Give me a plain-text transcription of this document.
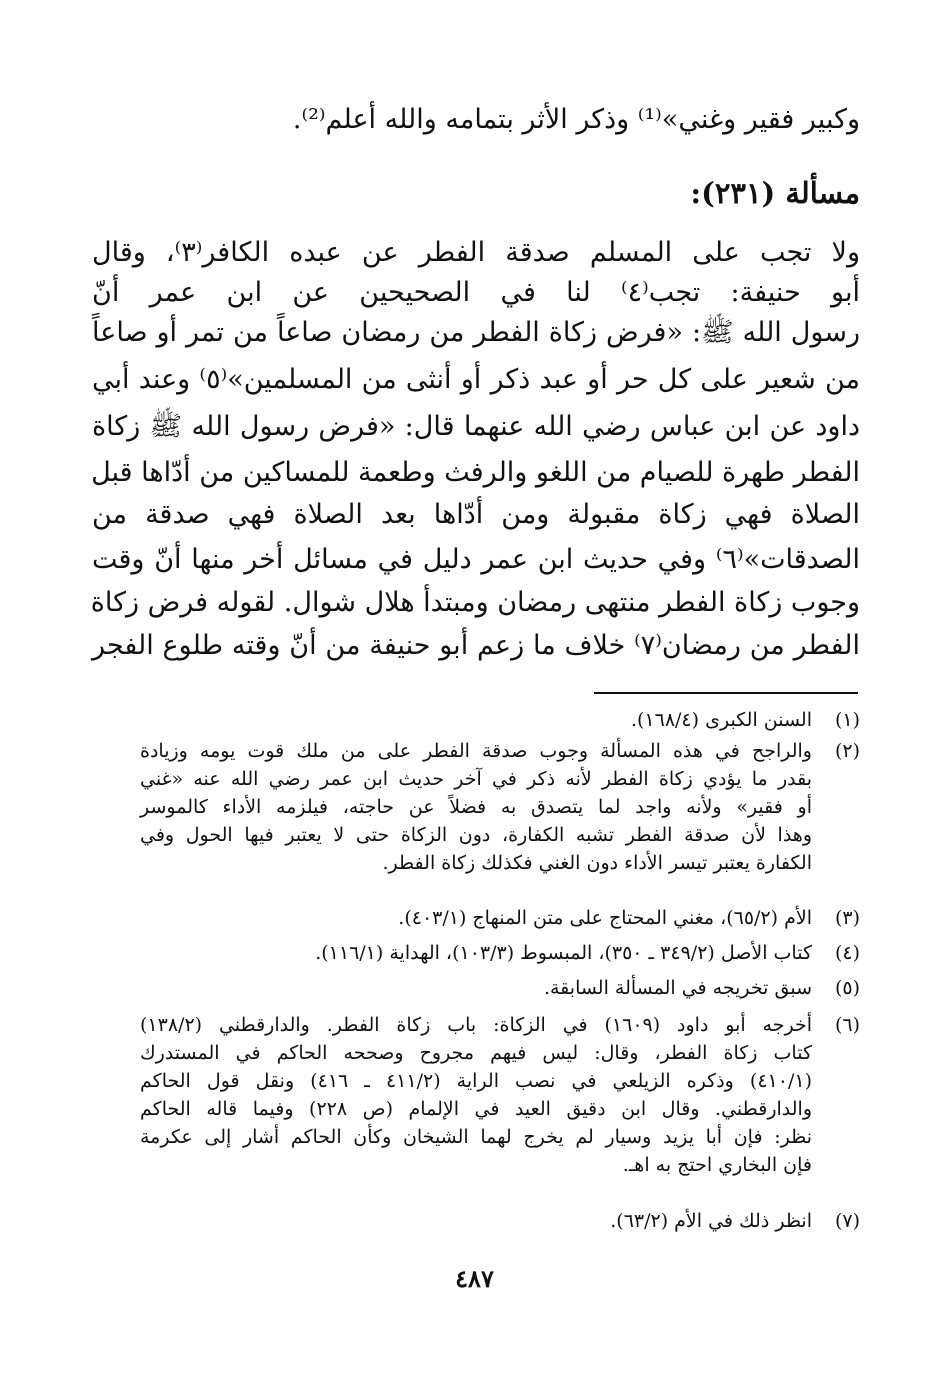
وكبير فقير وغني»⁽¹⁾ وذكر الأثر بتمامه والله أعلم⁽²⁾.
مسألة (٢٣١):
ولا تجب على المسلم صدقة الفطر عن عبده الكافر⁽٣⁾، وقال
أبو حنيفة: تجب⁽٤⁾ لنا في الصحيحين عن ابن عمر أنّ
رسول الله ﷺ: «فرض زكاة الفطر من رمضان صاعاً من تمر أو صاعاً
من شعير على كل حر أو عبد ذكر أو أنثى من المسلمين»⁽٥⁾ وعند أبي
داود عن ابن عباس رضي الله عنهما قال: «فرض رسول الله ﷺ زكاة
الفطر طهرة للصيام من اللغو والرفث وطعمة للمساكين من أدّاها قبل
الصلاة فهي زكاة مقبولة ومن أدّاها بعد الصلاة فهي صدقة من
الصدقات»⁽٦⁾ وفي حديث ابن عمر دليل في مسائل أخر منها أنّ وقت
وجوب زكاة الفطر منتهى رمضان ومبتدأ هلال شوال. لقوله فرض زكاة
الفطر من رمضان⁽٧⁾ خلاف ما زعم أبو حنيفة من أنّ وقته طلوع الفجر
(١)
السنن الكبرى (١٦٨/٤).
(٢)
والراجح في هذه المسألة وجوب صدقة الفطر على من ملك قوت يومه وزيادة
بقدر ما يؤدي زكاة الفطر لأنه ذكر في آخر حديث ابن عمر رضي الله عنه «غني
أو فقير» ولأنه واجد لما يتصدق به فضلاً عن حاجته، فيلزمه الأداء كالموسر
وهذا لأن صدقة الفطر تشبه الكفارة، دون الزكاة حتى لا يعتبر فيها الحول وفي
الكفارة يعتبر تيسر الأداء دون الغني فكذلك زكاة الفطر.
(٣)
الأم (٦٥/٢)، مغني المحتاج على متن المنهاج (٤٠٣/١).
(٤)
كتاب الأصل (٣٤٩/٢ ـ ٣٥٠)، المبسوط (١٠٣/٣)، الهداية (١١٦/١).
(٥)
سبق تخريجه في المسألة السابقة.
(٦)
أخرجه أبو داود (١٦٠٩) في الزكاة: باب زكاة الفطر. والدارقطني (١٣٨/٢)
كتاب زكاة الفطر، وقال: ليس فيهم مجروح وصححه الحاكم في المستدرك
(٤١٠/١) وذكره الزيلعي في نصب الراية (٤١١/٢ ـ ٤١٦) ونقل قول الحاكم
والدارقطني. وقال ابن دقيق العيد في الإلمام (ص ٢٢٨) وفيما قاله الحاكم
نظر: فإن أبا يزيد وسيار لم يخرج لهما الشيخان وكأن الحاكم أشار إلى عكرمة
فإن البخاري احتج به اهـ.
(٧)
انظر ذلك في الأم (٦٣/٢).
٤٨٧
